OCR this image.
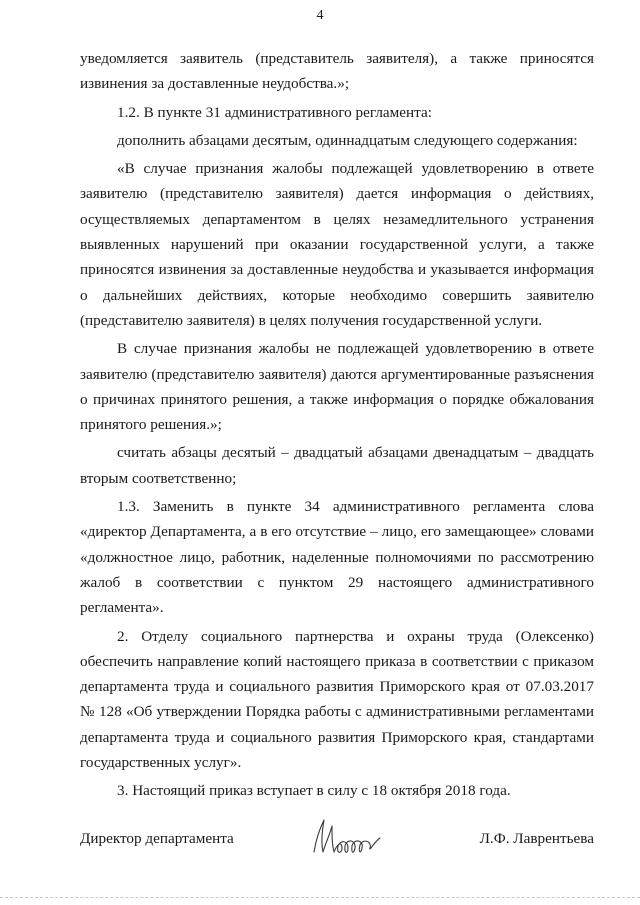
4

уведомляется заявитель (представитель заявителя), а также приносятся извинения за доставленные неудобства.»;

1.2. В пункте 31 административного регламента:

дополнить абзацами десятым, одиннадцатым следующего содержания:

«В случае признания жалобы подлежащей удовлетворению в ответе заявителю (представителю заявителя) дается информация о действиях, осуществляемых департаментом в целях незамедлительного устранения выявленных нарушений при оказании государственной услуги, а также приносятся извинения за доставленные неудобства и указывается информация о дальнейших действиях, которые необходимо совершить заявителю (представителю заявителя) в целях получения государственной услуги.

В случае признания жалобы не подлежащей удовлетворению в ответе заявителю (представителю заявителя) даются аргументированные разъяснения о причинах принятого решения, а также информация о порядке обжалования принятого решения.»;

считать абзацы десятый – двадцатый абзацами двенадцатым – двадцать вторым соответственно;

1.3. Заменить в пункте 34 административного регламента слова «директор Департамента, а в его отсутствие – лицо, его замещающее» словами «должностное лицо, работник, наделенные полномочиями по рассмотрению жалоб в соответствии с пунктом 29 настоящего административного регламента».

2. Отделу социального партнерства и охраны труда (Олексенко) обеспечить направление копий настоящего приказа в соответствии с приказом департамента труда и социального развития Приморского края от 07.03.2017 № 128 «Об утверждении Порядка работы с административными регламентами департамента труда и социального развития Приморского края, стандартами государственных услуг».

3. Настоящий приказ вступает в силу с 18 октября 2018 года.

Директор департамента	Л.Ф. Лаврентьева
